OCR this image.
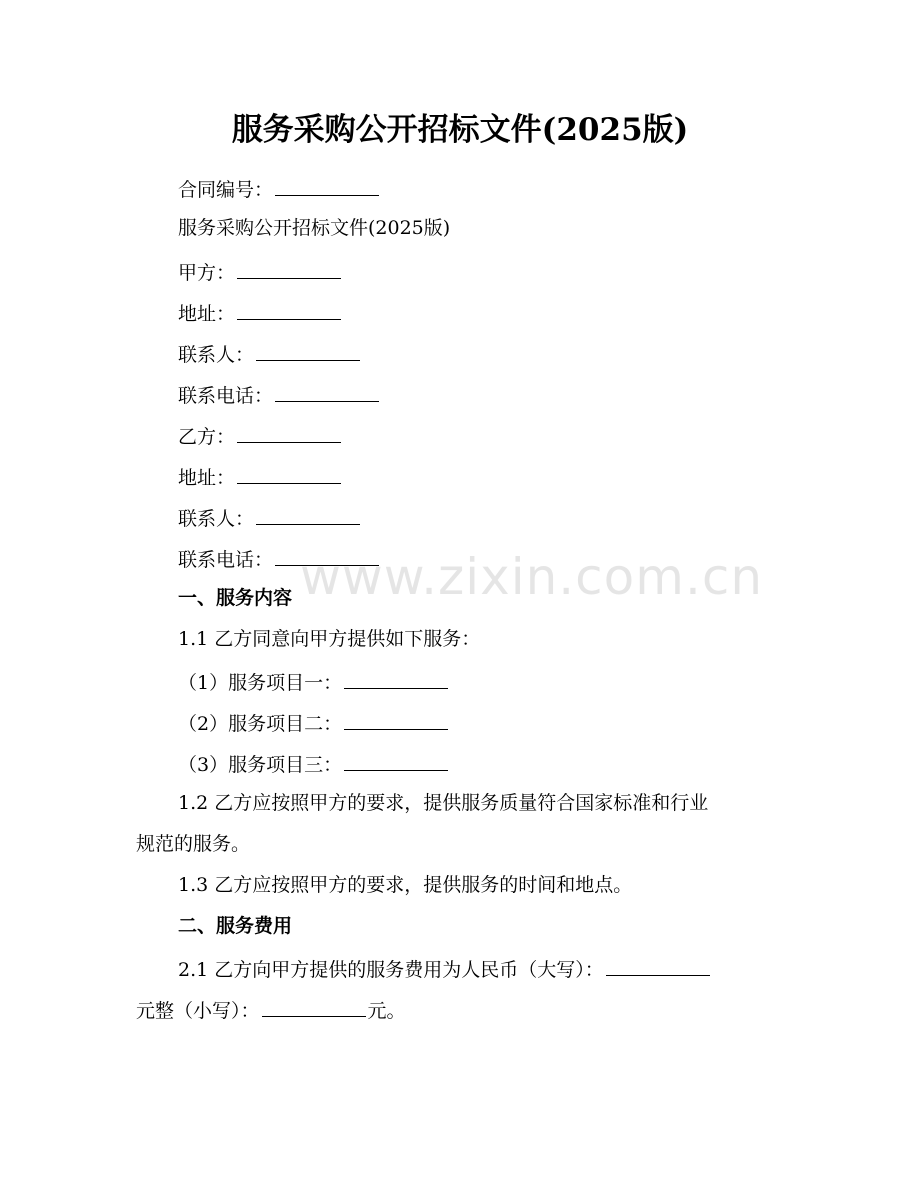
服务采购公开招标文件(2025版)
合同编号：
服务采购公开招标文件(2025版)
甲方：
地址：
联系人：
联系电话：
乙方：
地址：
联系人：
联系电话：
一、服务内容
1.1 乙方同意向甲方提供如下服务：
（1）服务项目一：
（2）服务项目二：
（3）服务项目三：
1.2 乙方应按照甲方的要求，提供服务质量符合国家标准和行业
规范的服务。
1.3 乙方应按照甲方的要求，提供服务的时间和地点。
二、服务费用
2.1 乙方向甲方提供的服务费用为人民币（大写）：
元整（小写）：	元。
www.zixin.com.cn
